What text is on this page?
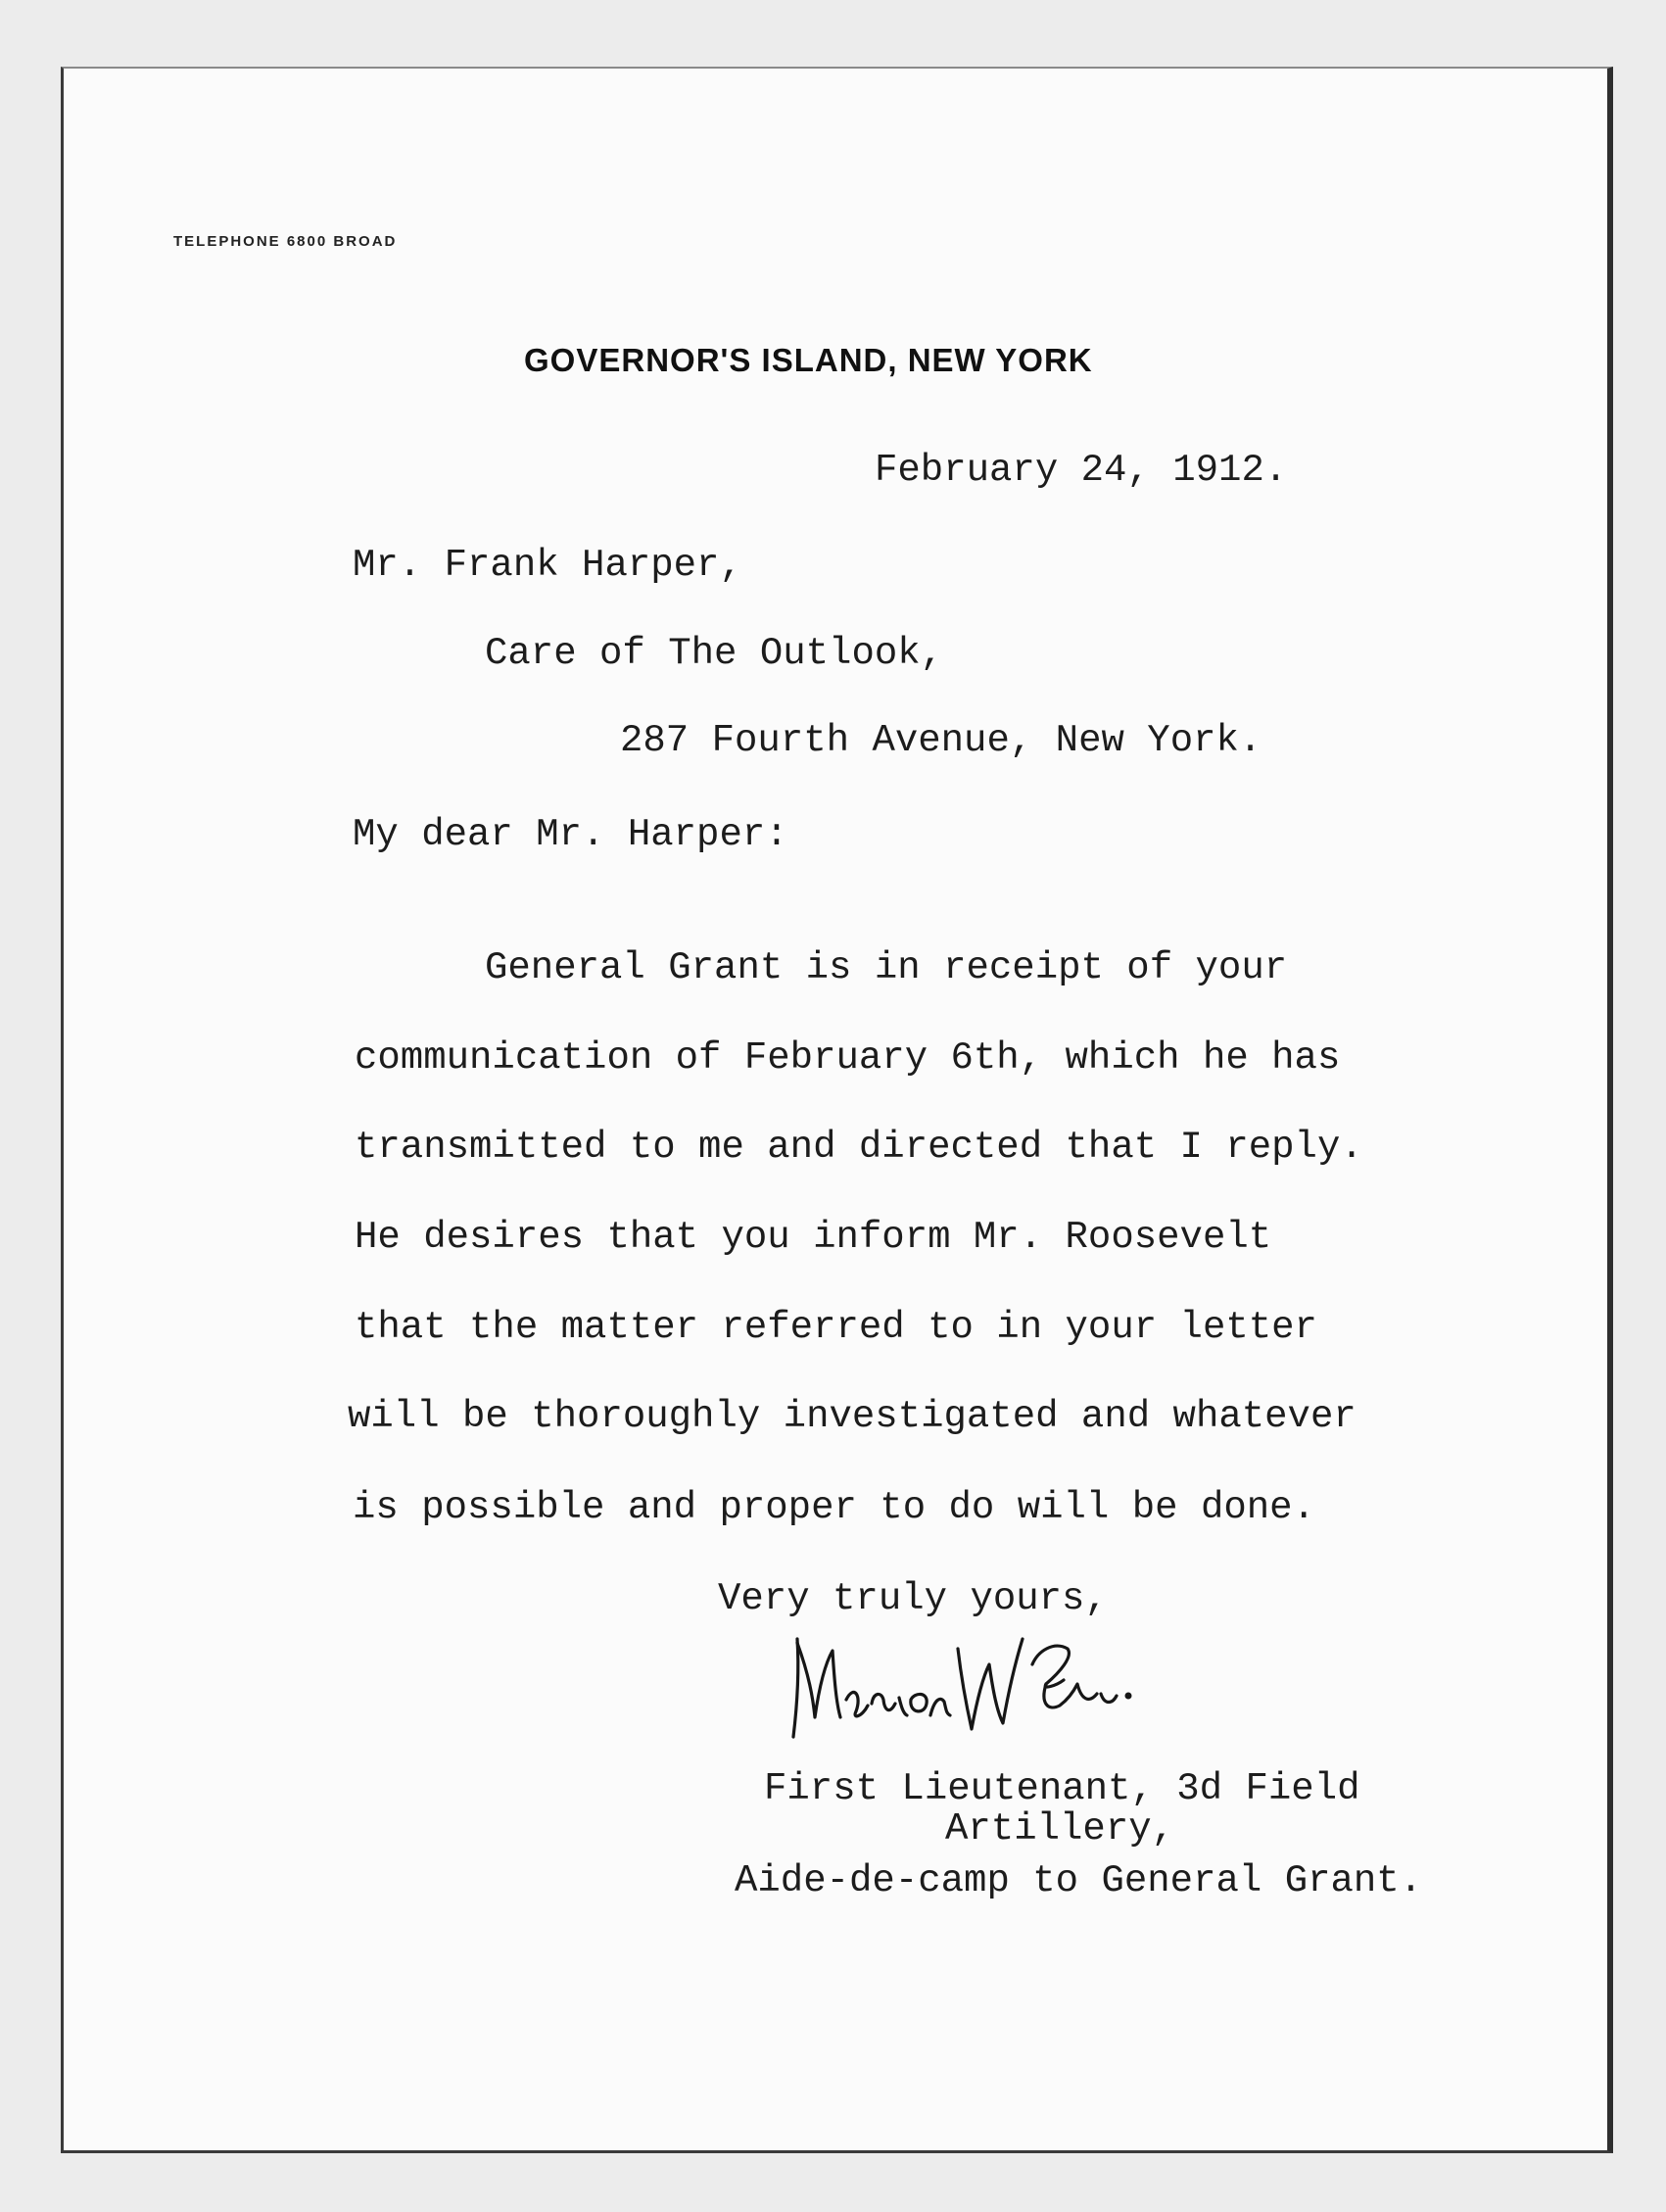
TELEPHONE 6800 BROAD
GOVERNOR'S ISLAND, NEW YORK
February 24, 1912.
Mr. Frank Harper,
Care of The Outlook,
287 Fourth Avenue, New York.
My dear Mr. Harper:
General Grant is in receipt of your
communication of February 6th, which he has
transmitted to me and directed that I reply.
He desires that you inform Mr. Roosevelt
that the matter referred to in your letter
will be thoroughly investigated and whatever
is possible and proper to do will be done.
Very truly yours,
First Lieutenant, 3d Field
Artillery,
Aide-de-camp to General Grant.
